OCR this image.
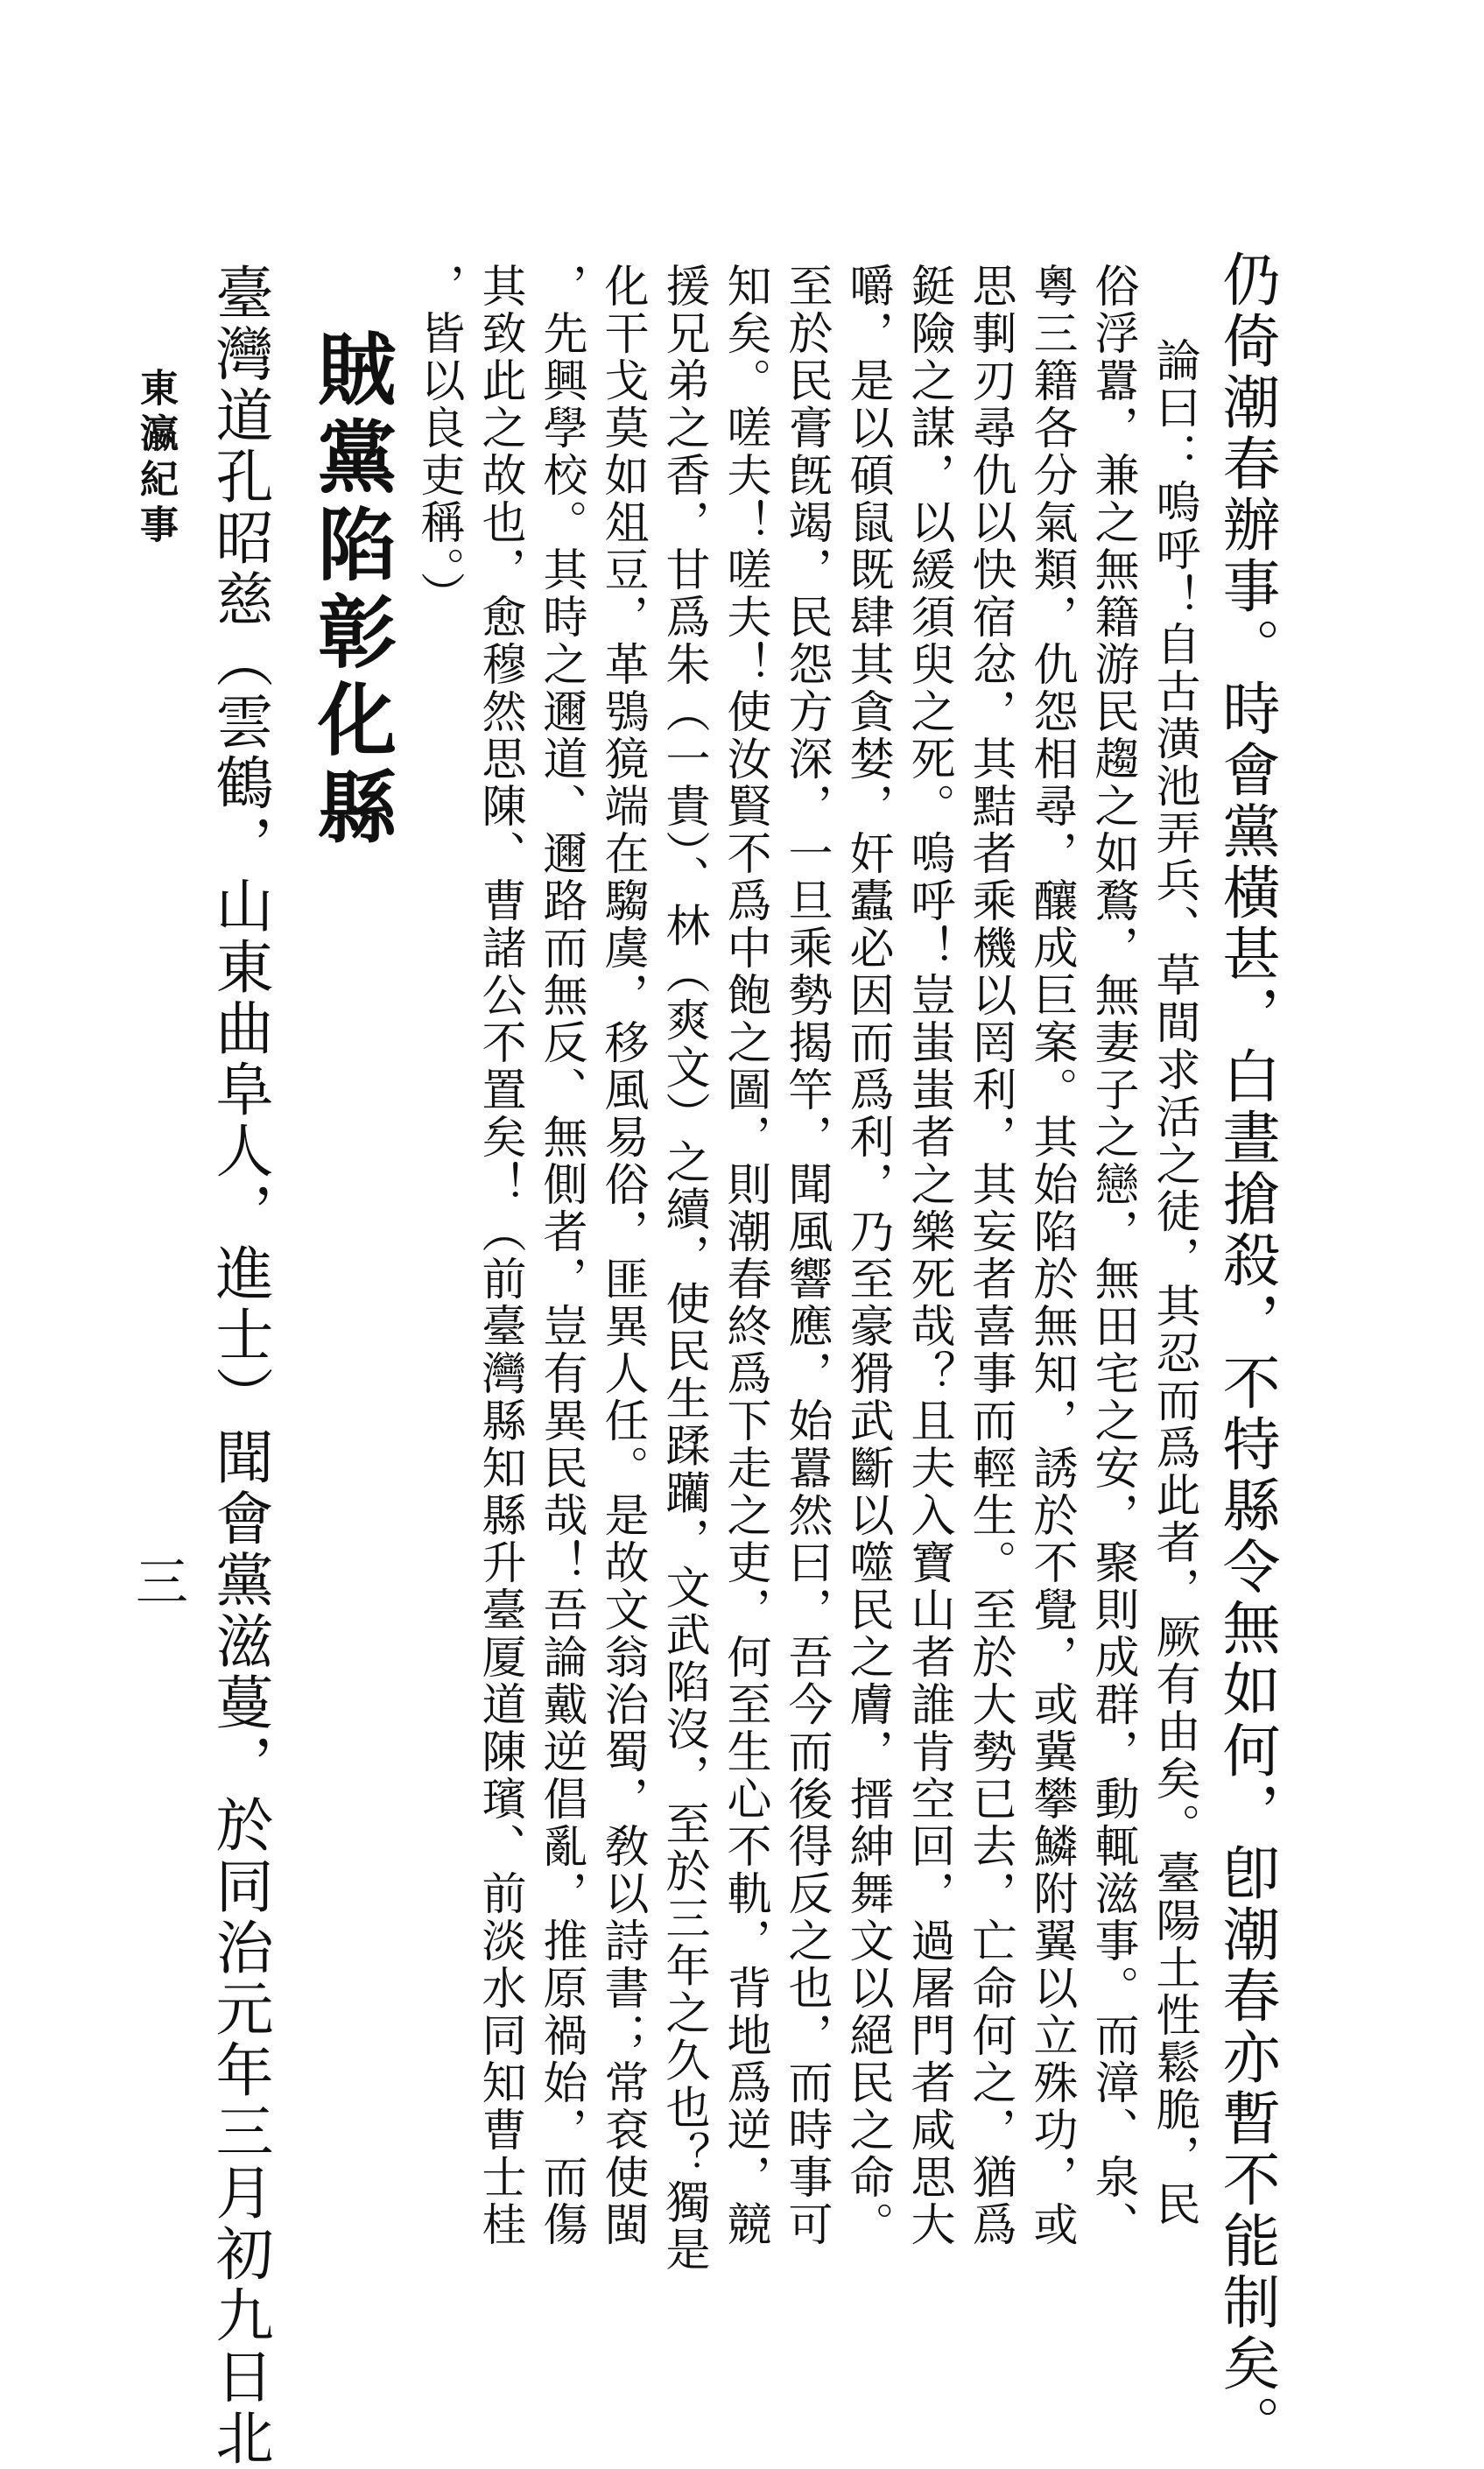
仍倚潮春辦事。時會黨橫甚，白晝搶殺，不特縣令無如何，卽潮春亦暫不能制矣。
論曰：嗚呼！自古潢池弄兵、草間求活之徒，其忍而爲此者，厥有由矣。臺陽土性鬆脆，民
俗浮囂，兼之無籍游民趨之如鶩，無妻子之戀，無田宅之安，聚則成群，動輒滋事。而漳、泉、
粵三籍各分氣類，仇怨相尋，釀成巨案。其始陷於無知，誘於不覺，或冀攀鱗附翼以立殊功，或
思剚刃尋仇以快宿忿，其黠者乘機以罔利，其妄者喜事而輕生。至於大勢已去，亡命何之，猶爲
鋌險之謀，以緩須臾之死。嗚呼！豈蚩蚩者之樂死哉？且夫入寶山者誰肯空回，過屠門者咸思大
嚼，是以碩鼠既肆其貪婪，奸蠹必因而爲利，乃至豪猾武斷以噬民之膚，搢紳舞文以絕民之命。
至於民膏旣竭，民怨方深，一旦乘勢揭竿，聞風響應，始囂然曰，吾今而後得反之也，而時事可
知矣。嗟夫！嗟夫！使汝賢不爲中飽之圖，則潮春終爲下走之吏，何至生心不軌，背地爲逆，競
援兄弟之香，甘爲朱（一貴）、林（爽文）之續，使民生蹂躪，文武陷沒，至於三年之久也？獨是
化干戈莫如俎豆，革鴞獍端在騶虞，移風易俗，匪異人任。是故文翁治蜀，敎以詩書；常袞使閩
，先興學校。其時之邇道、邇路而無反、無側者，豈有異民哉！吾論戴逆倡亂，推原禍始，而傷
其致此之故也，愈穆然思陳、曹諸公不置矣！（前臺灣縣知縣升臺厦道陳璸、前淡水同知曹士桂
，皆以良吏稱。）
賊黨陷彰化縣
臺灣道孔昭慈（雲鶴，山東曲阜人，進士）聞會黨滋蔓，於同治元年三月初九日北
東瀛紀事
三
